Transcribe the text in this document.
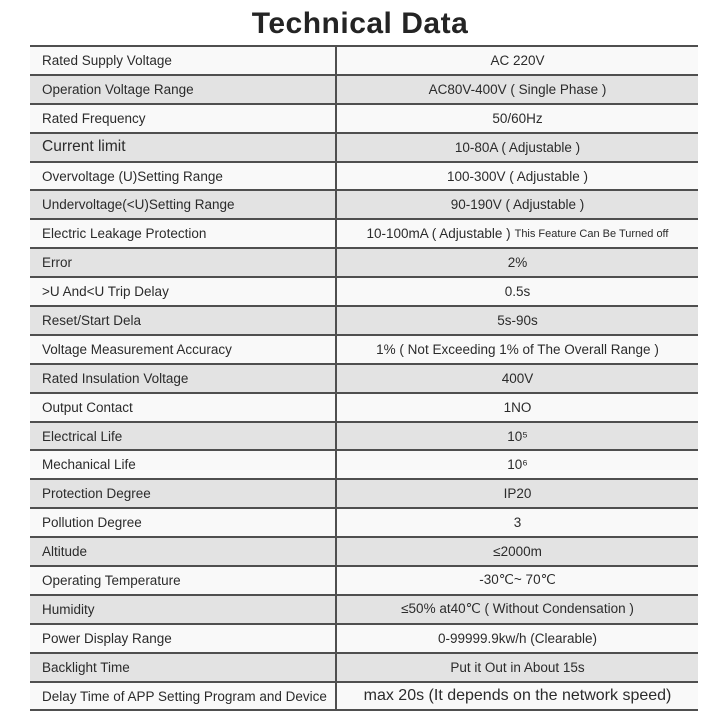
Technical Data
Rated Supply Voltage	AC 220V
Operation Voltage Range	AC80V-400V ( Single Phase )
Rated Frequency	50/60Hz
Current limit	10-80A ( Adjustable )
Overvoltage (U)Setting Range	100-300V ( Adjustable )
Undervoltage(<U)Setting Range	90-190V ( Adjustable )
Electric Leakage Protection	10-100mA ( Adjustable ) This Feature Can Be Turned off
Error	2%
>U And<U Trip Delay	0.5s
Reset/Start Dela	5s-90s
Voltage Measurement Accuracy	1% ( Not Exceeding 1% of The Overall Range )
Rated Insulation Voltage	400V
Output Contact	1NO
Electrical Life	10⁵
Mechanical Life	10⁶
Protection Degree	IP20
Pollution Degree	3
Altitude	≤2000m
Operating Temperature	-30℃~ 70℃
Humidity	≤50% at40℃ ( Without Condensation )
Power Display Range	0-99999.9kw/h (Clearable)
Backlight Time	Put it Out in About 15s
Delay Time of APP Setting Program and Device	max 20s (It depends on the network speed)
